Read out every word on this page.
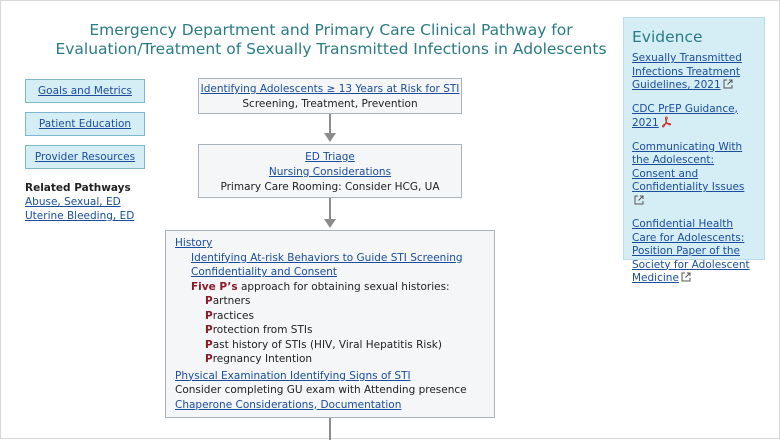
Emergency Department and Primary Care Clinical Pathway for
Evaluation/Treatment of Sexually Transmitted Infections in Adolescents
Goals and Metrics
Patient Education
Provider Resources
Related Pathways
Abuse, Sexual, ED
Uterine Bleeding, ED
Identifying Adolescents ≥ 13 Years at Risk for STI
Screening, Treatment, Prevention
ED Triage
Nursing Considerations
Primary Care Rooming: Consider HCG, UA
History
Identifying At-risk Behaviors to Guide STI Screening
Confidentiality and Consent
Five P’s approach for obtaining sexual histories:
Partners
Practices
Protection from STIs
Past history of STIs (HIV, Viral Hepatitis Risk)
Pregnancy Intention
Physical Examination Identifying Signs of STI
Consider completing GU exam with Attending presence
Chaperone Considerations, Documentation
Evidence
Sexually Transmitted Infections Treatment Guidelines, 2021
CDC PrEP Guidance, 2021
Communicating With the Adolescent: Consent and Confidentiality Issues
Confidential Health Care for Adolescents: Position Paper of the Society for Adolescent Medicine
